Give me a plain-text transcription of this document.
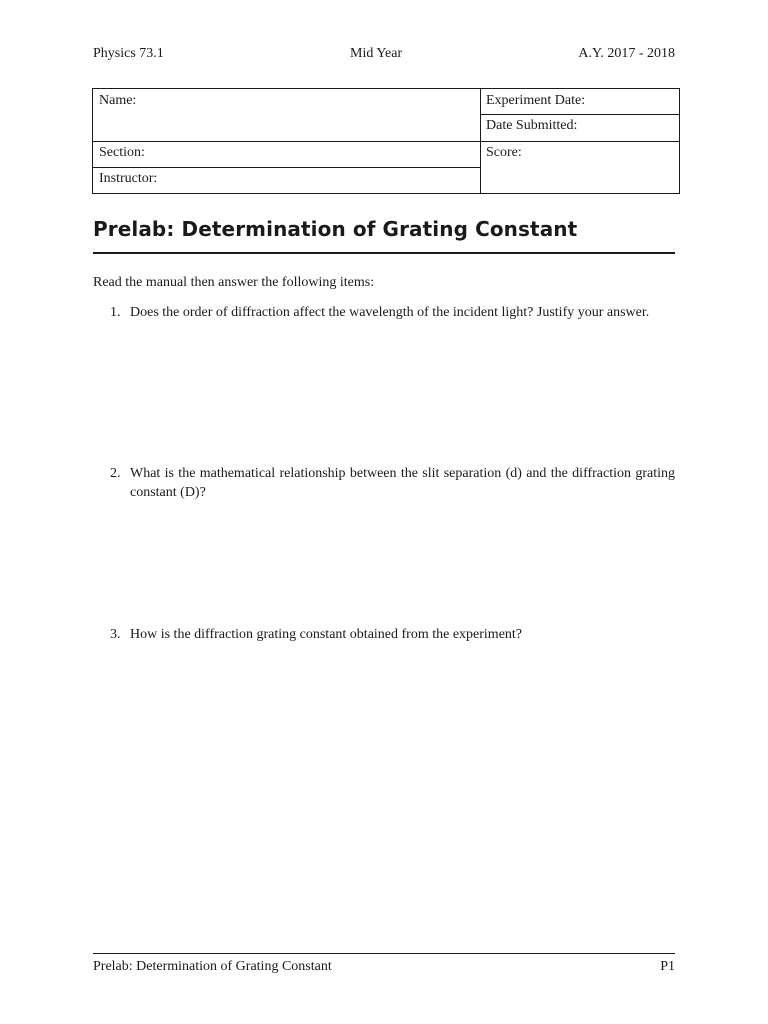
Physics 73.1	Mid Year	A.Y. 2017 - 2018
Name:	Experiment Date:
Date Submitted:
Section:	Score:
Instructor:
Prelab: Determination of Grating Constant
Read the manual then answer the following items:
1. Does the order of diffraction affect the wavelength of the incident light? Justify your answer.
2. What is the mathematical relationship between the slit separation (d) and the diffraction grating constant (D)?
3. How is the diffraction grating constant obtained from the experiment?
Prelab: Determination of Grating Constant	P1
